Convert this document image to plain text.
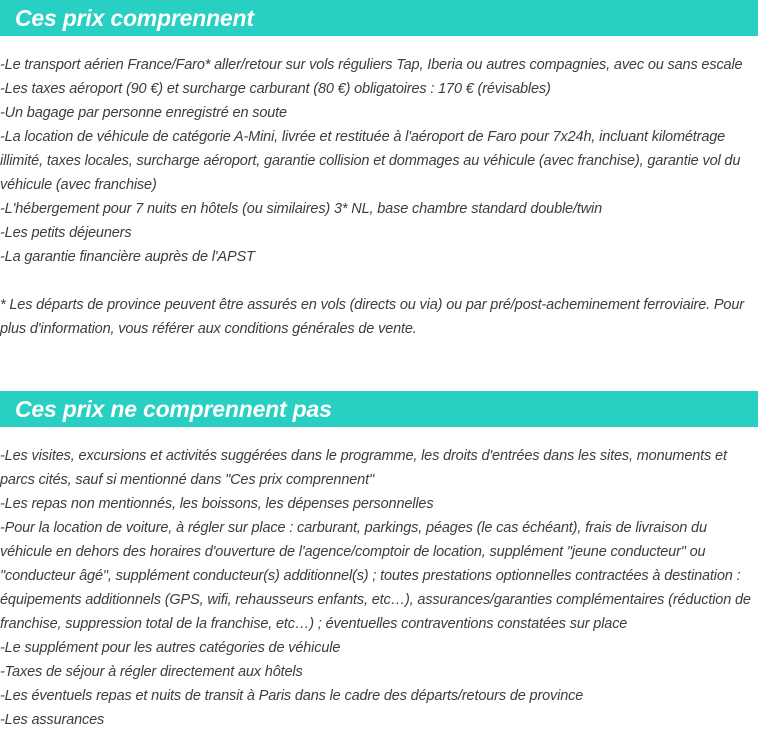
Ces prix comprennent
-Le transport aérien France/Faro* aller/retour sur vols réguliers Tap, Iberia ou autres compagnies, avec ou sans escale
-Les taxes aéroport (90 €) et surcharge carburant (80 €) obligatoires : 170 € (révisables)
-Un bagage par personne enregistré en soute
-La location de véhicule de catégorie A-Mini, livrée et restituée à l'aéroport de Faro pour 7x24h, incluant kilométrage illimité, taxes locales, surcharge aéroport, garantie collision et dommages au véhicule (avec franchise), garantie vol du véhicule (avec franchise)
-L'hébergement pour 7 nuits en hôtels (ou similaires) 3* NL, base chambre standard double/twin
-Les petits déjeuners
-La garantie financière auprès de l'APST

* Les départs de province peuvent être assurés en vols (directs ou via) ou par pré/post-acheminement ferroviaire. Pour plus d'information, vous référer aux conditions générales de vente.

Ces prix ne comprennent pas
-Les visites, excursions et activités suggérées dans le programme, les droits d'entrées dans les sites, monuments et parcs cités, sauf si mentionné dans "Ces prix comprennent"
-Les repas non mentionnés, les boissons, les dépenses personnelles
-Pour la location de voiture, à régler sur place : carburant, parkings, péages (le cas échéant), frais de livraison du véhicule en dehors des horaires d'ouverture de l'agence/comptoir de location, supplément "jeune conducteur" ou "conducteur âgé", supplément conducteur(s) additionnel(s) ; toutes prestations optionnelles contractées à destination : équipements additionnels (GPS, wifi, rehausseurs enfants, etc…), assurances/garanties complémentaires (réduction de franchise, suppression total de la franchise, etc…) ; éventuelles contraventions constatées sur place
-Le supplément pour les autres catégories de véhicule
-Taxes de séjour à régler directement aux hôtels
-Les éventuels repas et nuits de transit à Paris dans le cadre des départs/retours de province
-Les assurances
